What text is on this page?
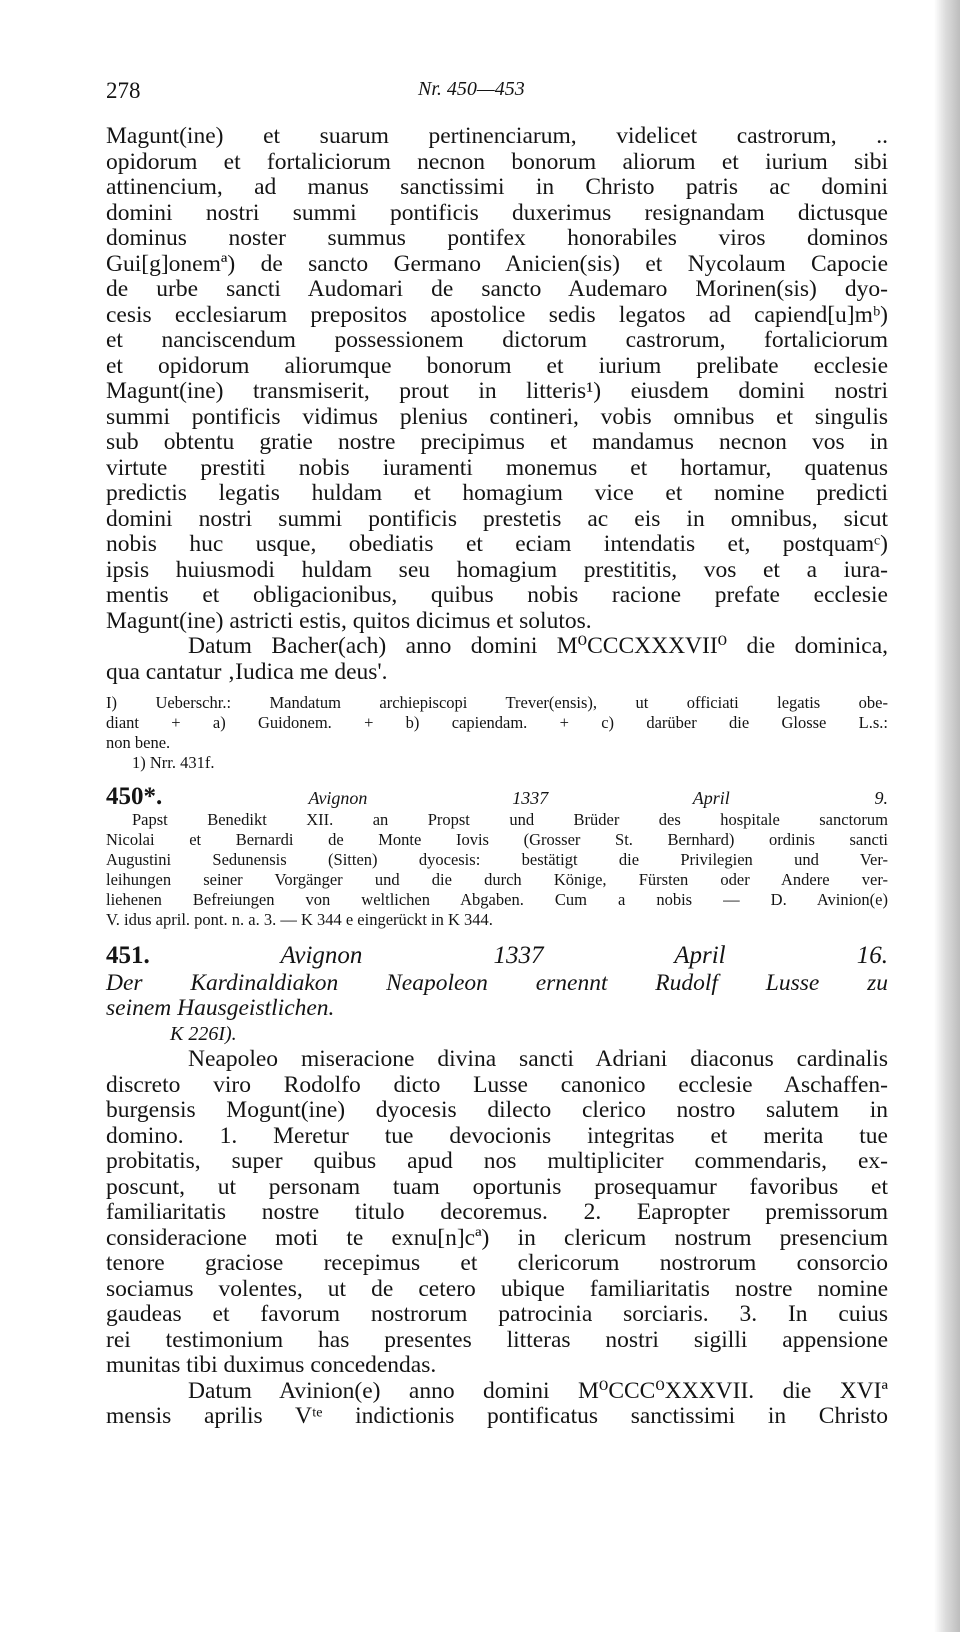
278	Nr. 450—453
Magunt(ine) et suarum pertinenciarum, videlicet castrorum, ..
opidorum et fortaliciorum necnon bonorum aliorum et iurium sibi
attinencium, ad manus sanctissimi in Christo patris ac domini
domini nostri summi pontificis duxerimus resignandam dictusque
dominus noster summus pontifex honorabiles viros dominos
Gui[g]onemª) de sancto Germano Anicien(sis) et Nycolaum Capocie
de urbe sancti Audomari de sancto Audemaro Morinen(sis) dyo-
cesis ecclesiarum prepositos apostolice sedis legatos ad capiend[u]mᵇ)
et nanciscendum possessionem dictorum castrorum, fortaliciorum
et opidorum aliorumque bonorum et iurium prelibate ecclesie
Magunt(ine) transmiserit, prout in litteris¹) eiusdem domini nostri
summi pontificis vidimus plenius contineri, vobis omnibus et singulis
sub obtentu gratie nostre precipimus et mandamus necnon vos in
virtute prestiti nobis iuramenti monemus et hortamur, quatenus
predictis legatis huldam et homagium vice et nomine predicti
domini nostri summi pontificis prestetis ac eis in omnibus, sicut
nobis huc usque, obediatis et eciam intendatis et, postquamᶜ)
ipsis huiusmodi huldam seu homagium prestititis, vos et a iura-
mentis et obligacionibus, quibus nobis racione prefate ecclesie
Magunt(ine) astricti estis, quitos dicimus et solutos.
Datum Bacher(ach) anno domini M⁰CCCXXXVII⁰ die dominica,
qua cantatur ‚Iudica me deus'.
I) Ueberschr.: Mandatum archiepiscopi Trever(ensis), ut officiati legatis obe-
diant + a) Guidonem. + b) capiendam. + c) darüber die Glosse L.s.:
non bene.
1) Nrr. 431f.
450*.	Avignon 1337 April 9.
Papst Benedikt XII. an Propst und Brüder des hospitale sanctorum
Nicolai et Bernardi de Monte Iovis (Grosser St. Bernhard) ordinis sancti
Augustini Sedunensis (Sitten) dyocesis: bestätigt die Privilegien und Ver-
leihungen seiner Vorgänger und die durch Könige, Fürsten oder Andere ver-
liehenen Befreiungen von weltlichen Abgaben. Cum a nobis — D. Avinion(e)
V. idus april. pont. n. a. 3. — K 344 e eingerückt in K 344.
451.	Avignon 1337 April 16.
Der Kardinaldiakon Neapoleon ernennt Rudolf Lusse zu
seinem Hausgeistlichen.
K 226I).
Neapoleo miseracione divina sancti Adriani diaconus cardinalis
discreto viro Rodolfo dicto Lusse canonico ecclesie Aschaffen-
burgensis Mogunt(ine) dyocesis dilecto clerico nostro salutem in
domino. 1. Meretur tue devocionis integritas et merita tue
probitatis, super quibus apud nos multipliciter commendaris, ex-
poscunt, ut personam tuam oportunis prosequamur favoribus et
familiaritatis nostre titulo decoremus. 2. Eapropter premissorum
consideracione moti te exnu[n]cª) in clericum nostrum presencium
tenore graciose recepimus et clericorum nostrorum consorcio
sociamus volentes, ut de cetero ubique familiaritatis nostre nomine
gaudeas et favorum nostrorum patrocinia sorciaris. 3. In cuius
rei testimonium has presentes litteras nostri sigilli appensione
munitas tibi duximus concedendas.
Datum Avinion(e) anno domini M⁰CCC⁰XXXVII. die XVIª
mensis aprilis Vᵗᵉ indictionis pontificatus sanctissimi in Christo
